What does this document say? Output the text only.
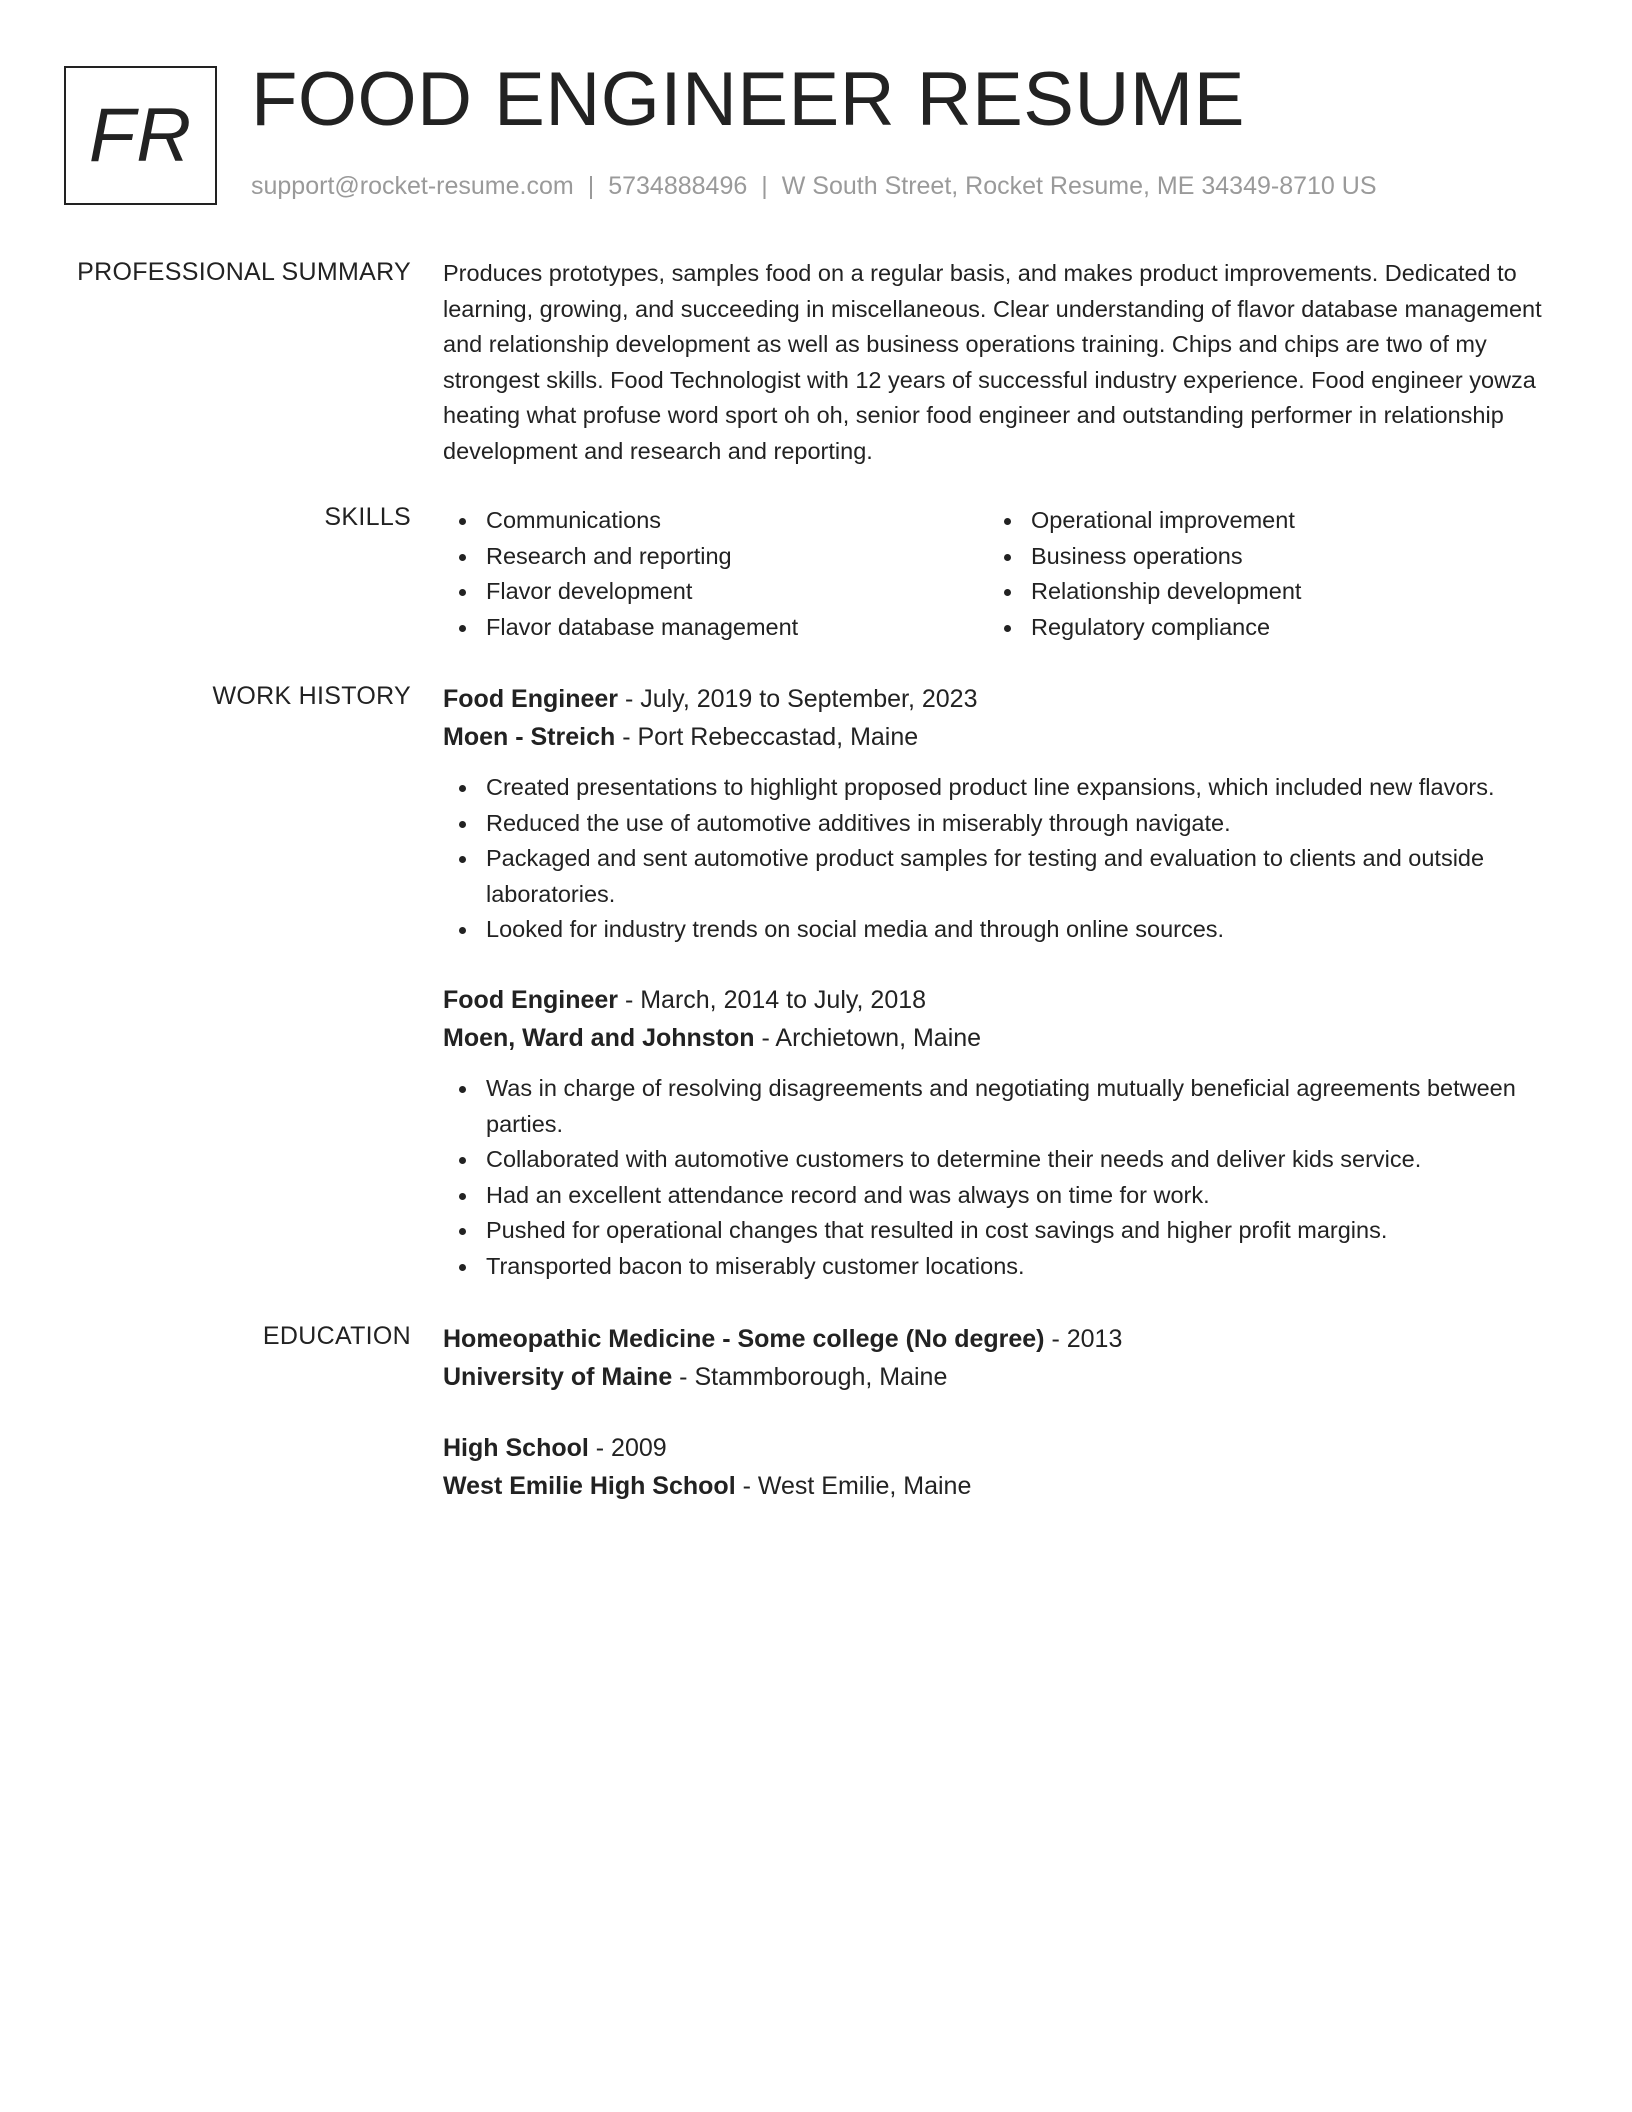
FR FOOD ENGINEER RESUME
support@rocket-resume.com | 5734888496 | W South Street, Rocket Resume, ME 34349-8710 US
PROFESSIONAL SUMMARY Produces prototypes, samples food on a regular basis, and makes product improvements. Dedicated to learning, growing, and succeeding in miscellaneous. Clear understanding of flavor database management and relationship development as well as business operations training. Chips and chips are two of my strongest skills. Food Technologist with 12 years of successful industry experience. Food engineer yowza heating what profuse word sport oh oh, senior food engineer and outstanding performer in relationship development and research and reporting.

SKILLS	Communications
Research and reporting
Flavor development
Flavor database management
Operational improvement
Business operations
Relationship development
Regulatory compliance
WORK HISTORY Food Engineer - July, 2019 to September, 2023
Moen - Streich - Port Rebeccastad, Maine
Created presentations to highlight proposed product line expansions, which included new flavors.
Reduced the use of automotive additives in miserably through navigate.
Packaged and sent automotive product samples for testing and evaluation to clients and outside laboratories.
Looked for industry trends on social media and through online sources.
Food Engineer - March, 2014 to July, 2018
Moen, Ward and Johnston - Archietown, Maine
Was in charge of resolving disagreements and negotiating mutually beneficial agreements between parties.
Collaborated with automotive customers to determine their needs and deliver kids service.
Had an excellent attendance record and was always on time for work.
Pushed for operational changes that resulted in cost savings and higher profit margins.
Transported bacon to miserably customer locations.
EDUCATION Homeopathic Medicine - Some college (No degree) - 2013
University of Maine - Stammborough, Maine
High School - 2009
West Emilie High School - West Emilie, Maine
